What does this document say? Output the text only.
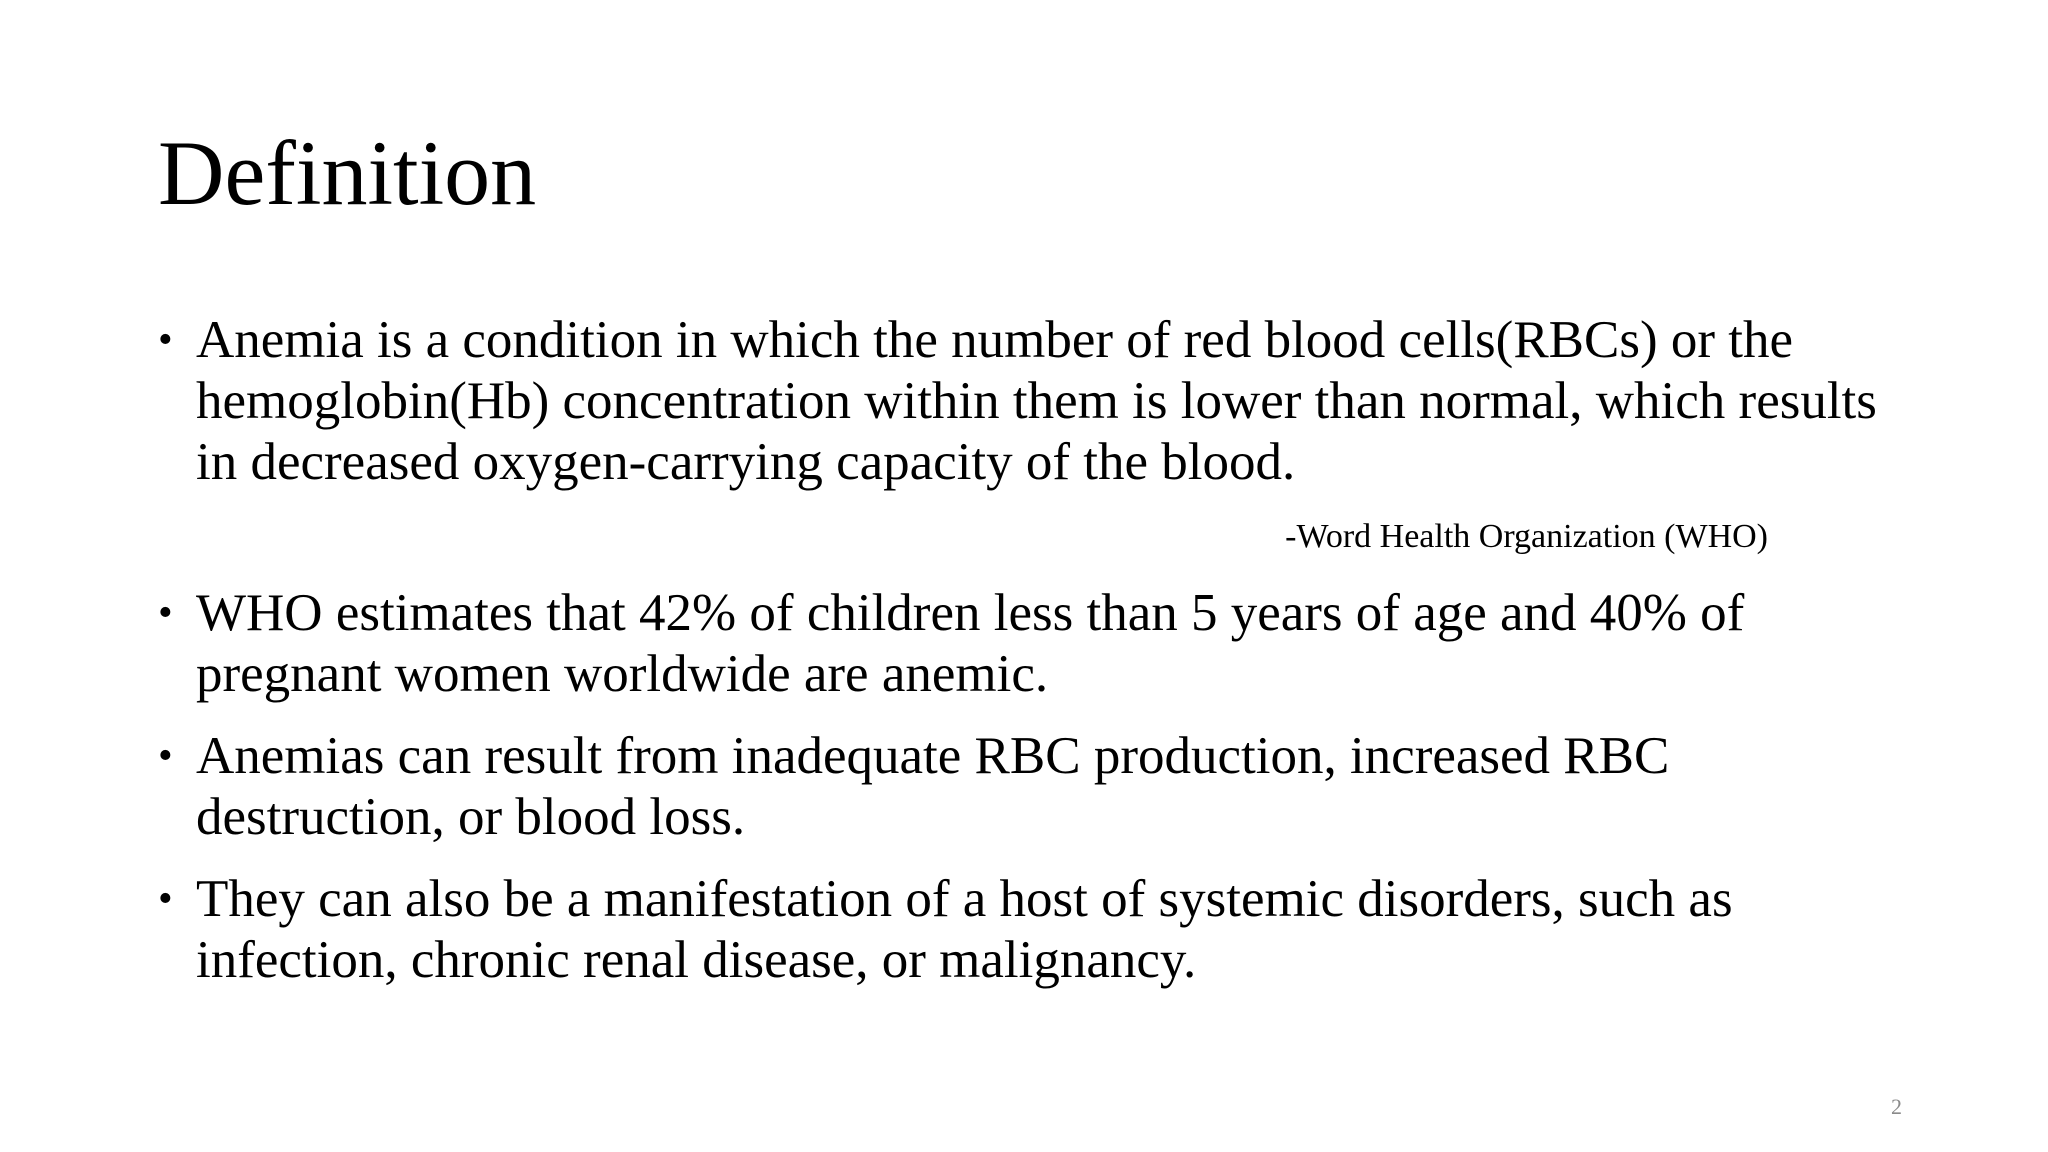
Definition
• Anemia is a condition in which the number of red blood cells(RBCs) or the hemoglobin(Hb) concentration within them is lower than normal, which results in decreased oxygen-carrying capacity of the blood.
-Word Health Organization (WHO)
• WHO estimates that 42% of children less than 5 years of age and 40% of pregnant women worldwide are anemic.
• Anemias can result from inadequate RBC production, increased RBC destruction, or blood loss.
• They can also be a manifestation of a host of systemic disorders, such as infection, chronic renal disease, or malignancy.
2
